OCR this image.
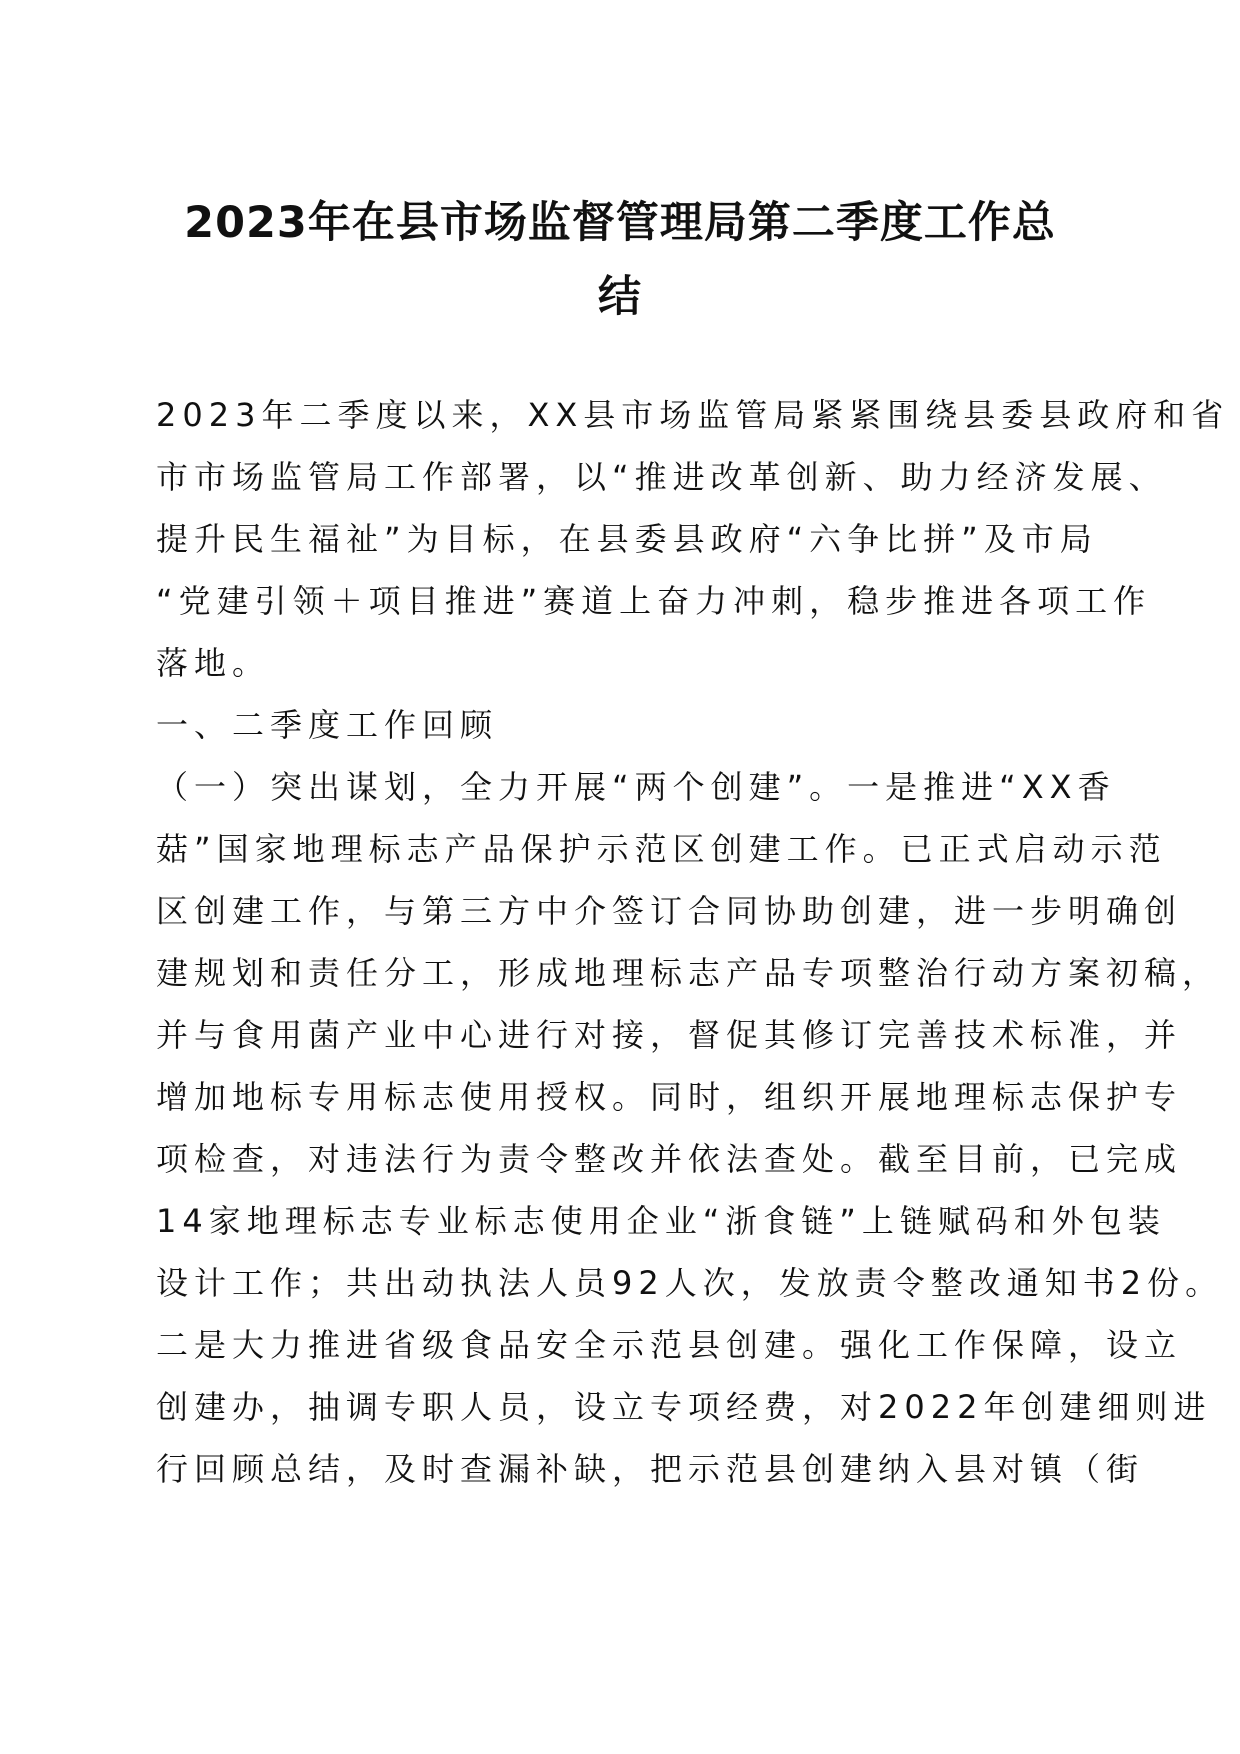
2023年在县市场监督管理局第二季度工作总
结
2023年二季度以来，XX县市场监管局紧紧围绕县委县政府和省
市市场监管局工作部署，以“推进改革创新、助力经济发展、
提升民生福祉”为目标，在县委县政府“六争比拼”及市局
“党建引领＋项目推进”赛道上奋力冲刺，稳步推进各项工作
落地。
一、二季度工作回顾
（一）突出谋划，全力开展“两个创建”。一是推进“XX香
菇”国家地理标志产品保护示范区创建工作。已正式启动示范
区创建工作，与第三方中介签订合同协助创建，进一步明确创
建规划和责任分工，形成地理标志产品专项整治行动方案初稿，
并与食用菌产业中心进行对接，督促其修订完善技术标准，并
增加地标专用标志使用授权。同时，组织开展地理标志保护专
项检查，对违法行为责令整改并依法查处。截至目前，已完成
14家地理标志专业标志使用企业“浙食链”上链赋码和外包装
设计工作；共出动执法人员92人次，发放责令整改通知书2份。
二是大力推进省级食品安全示范县创建。强化工作保障，设立
创建办，抽调专职人员，设立专项经费，对2022年创建细则进
行回顾总结，及时查漏补缺，把示范县创建纳入县对镇（街
